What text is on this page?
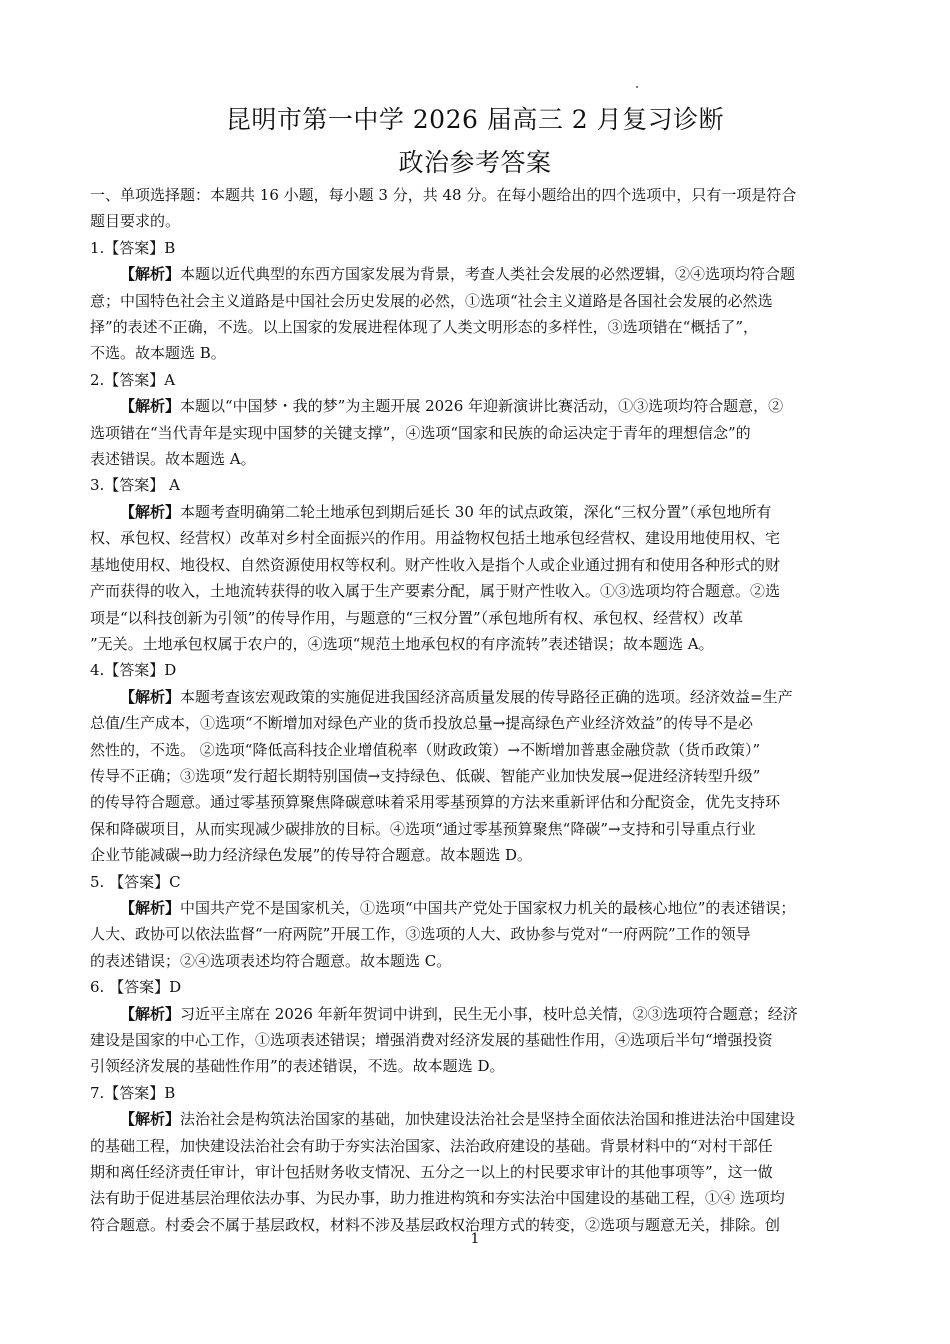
昆明市第一中学 2026 届高三 2 月复习诊断
政治参考答案

一、单项选择题：本题共 16 小题，每小题 3 分，共 48 分。在每小题给出的四个选项中，只有一项是符合

题目要求的。

1.【答案】B

【解析】本题以近代典型的东西方国家发展为背景，考查人类社会发展的必然逻辑，②④选项均符合题

意；中国特色社会主义道路是中国社会历史发展的必然，①选项“社会主义道路是各国社会发展的必然选

择”的表述不正确，不选。以上国家的发展进程体现了人类文明形态的多样性，③选项错在“概括了”，

不选。故本题选 B。

2.【答案】A

【解析】本题以“中国梦・我的梦”为主题开展 2026 年迎新演讲比赛活动，①③选项均符合题意，②

选项错在“当代青年是实现中国梦的关键支撑”，④选项“国家和民族的命运决定于青年的理想信念”的

表述错误。故本题选 A。

3.【答案】 A

【解析】本题考查明确第二轮土地承包到期后延长 30 年的试点政策，深化“三权分置”（承包地所有

权、承包权、经营权）改革对乡村全面振兴的作用。用益物权包括土地承包经营权、建设用地使用权、宅

基地使用权、地役权、自然资源使用权等权利。财产性收入是指个人或企业通过拥有和使用各种形式的财

产而获得的收入，土地流转获得的收入属于生产要素分配，属于财产性收入。①③选项均符合题意。②选

项是“以科技创新为引领”的传导作用，与题意的“三权分置”（承包地所有权、承包权、经营权）改革

”无关。土地承包权属于农户的，④选项“规范土地承包权的有序流转”表述错误；故本题选 A。

4.【答案】D

【解析】本题考查该宏观政策的实施促进我国经济高质量发展的传导路径正确的选项。经济效益=生产

总值/生产成本，①选项“不断增加对绿色产业的货币投放总量→提高绿色产业经济效益”的传导不是必

然性的，不选。 ②选项“降低高科技企业增值税率（财政政策）→不断增加普惠金融贷款（货币政策）”

传导不正确；③选项“发行超长期特别国债→支持绿色、低碳、智能产业加快发展→促进经济转型升级”

的传导符合题意。通过零基预算聚焦降碳意味着采用零基预算的方法来重新评估和分配资金，优先支持环

保和降碳项目，从而实现减少碳排放的目标。④选项“通过零基预算聚焦“降碳”→支持和引导重点行业

企业节能减碳→助力经济绿色发展”的传导符合题意。故本题选 D。

5. 【答案】C

【解析】中国共产党不是国家机关，①选项“中国共产党处于国家权力机关的最核心地位”的表述错误；

人大、政协可以依法监督“一府两院”开展工作，③选项的人大、政协参与党对“一府两院”工作的领导

的表述错误；②④选项表述均符合题意。故本题选 C。

6. 【答案】D

【解析】习近平主席在 2026 年新年贺词中讲到，民生无小事，枝叶总关情，②③选项符合题意；经济

建设是国家的中心工作，①选项表述错误；增强消费对经济发展的基础性作用，④选项后半句“增强投资

引领经济发展的基础性作用”的表述错误，不选。故本题选 D。

7.【答案】B

【解析】法治社会是构筑法治国家的基础，加快建设法治社会是坚持全面依法治国和推进法治中国建设

的基础工程，加快建设法治社会有助于夯实法治国家、法治政府建设的基础。背景材料中的“对村干部任

期和离任经济责任审计，审计包括财务收支情况、五分之一以上的村民要求审计的其他事项等”，这一做

法有助于促进基层治理依法办事、为民办事，助力推进构筑和夯实法治中国建设的基础工程，①④ 选项均

符合题意。村委会不属于基层政权，材料不涉及基层政权治理方式的转变，②选项与题意无关，排除。创

1
